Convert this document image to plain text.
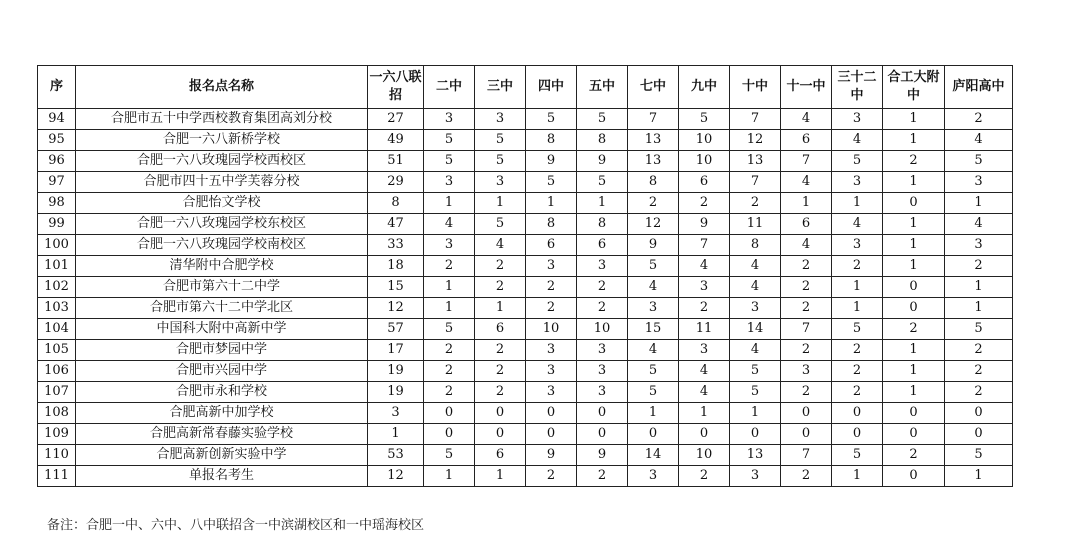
序	报名点名称	一六八联招	二中	三中	四中	五中	七中	九中	十中	十一中	三十二中	合工大附中	庐阳高中
94	合肥市五十中学西校教育集团高刘分校	27	3	3	5	5	7	5	7	4	3	1	2
95	合肥一六八新桥学校	49	5	5	8	8	13	10	12	6	4	1	4
96	合肥一六八玫瑰园学校西校区	51	5	5	9	9	13	10	13	7	5	2	5
97	合肥市四十五中学芙蓉分校	29	3	3	5	5	8	6	7	4	3	1	3
98	合肥怡文学校	8	1	1	1	1	2	2	2	1	1	0	1
99	合肥一六八玫瑰园学校东校区	47	4	5	8	8	12	9	11	6	4	1	4
100	合肥一六八玫瑰园学校南校区	33	3	4	6	6	9	7	8	4	3	1	3
101	清华附中合肥学校	18	2	2	3	3	5	4	4	2	2	1	2
102	合肥市第六十二中学	15	1	2	2	2	4	3	4	2	1	0	1
103	合肥市第六十二中学北区	12	1	1	2	2	3	2	3	2	1	0	1
104	中国科大附中高新中学	57	5	6	10	10	15	11	14	7	5	2	5
105	合肥市梦园中学	17	2	2	3	3	4	3	4	2	2	1	2
106	合肥市兴园中学	19	2	2	3	3	5	4	5	3	2	1	2
107	合肥市永和学校	19	2	2	3	3	5	4	5	2	2	1	2
108	合肥高新中加学校	3	0	0	0	0	1	1	1	0	0	0	0
109	合肥高新常春藤实验学校	1	0	0	0	0	0	0	0	0	0	0	0
110	合肥高新创新实验中学	53	5	6	9	9	14	10	13	7	5	2	5
111	单报名考生	12	1	1	2	2	3	2	3	2	1	0	1
备注：合肥一中、六中、八中联招含一中滨湖校区和一中瑶海校区
